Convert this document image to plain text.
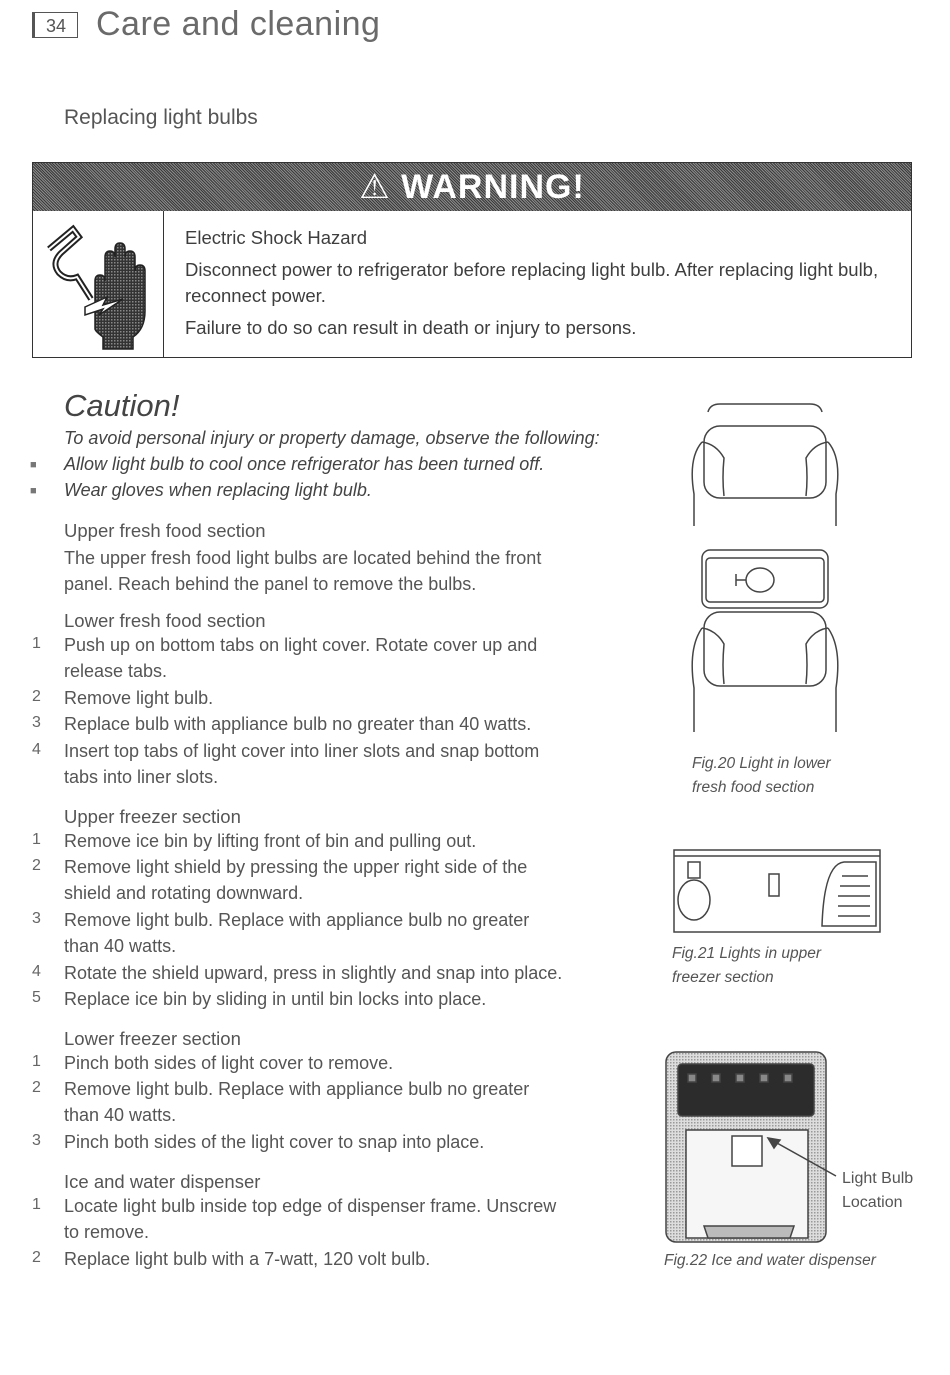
34 Care and cleaning
Replacing light bulbs
⚠ WARNING!

Electric Shock Hazard

Disconnect power to refrigerator before replacing light bulb. After replacing light bulb, reconnect power.

Failure to do so can result in death or injury to persons.

Caution!
To avoid personal injury or property damage, observe the following:
■ Allow light bulb to cool once refrigerator has been turned off.
■ Wear gloves when replacing light bulb.
Upper fresh food section
The upper fresh food light bulbs are located behind the front
panel. Reach behind the panel to remove the bulbs.
Lower fresh food section
1 Push up on bottom tabs on light cover. Rotate cover up and
release tabs.
2 Remove light bulb.
3 Replace bulb with appliance bulb no greater than 40 watts.
4 Insert top tabs of light cover into liner slots and snap bottom
tabs into liner slots.
Upper freezer section
1 Remove ice bin by lifting front of bin and pulling out.
2 Remove light shield by pressing the upper right side of the
shield and rotating downward.
3 Remove light bulb. Replace with appliance bulb no greater
than 40 watts.
4 Rotate the shield upward, press in slightly and snap into place.
5 Replace ice bin by sliding in until bin locks into place.
Lower freezer section
1 Pinch both sides of light cover to remove.
2 Remove light bulb. Replace with appliance bulb no greater
than 40 watts.
3 Pinch both sides of the light cover to snap into place.
Ice and water dispenser
1 Locate light bulb inside top edge of dispenser frame. Unscrew
to remove.
2 Replace light bulb with a 7-watt, 120 volt bulb.
Fig.20 Light in lower
fresh food section
Fig.21 Lights in upper
freezer section
Light Bulb
Location
Fig.22 Ice and water dispenser
